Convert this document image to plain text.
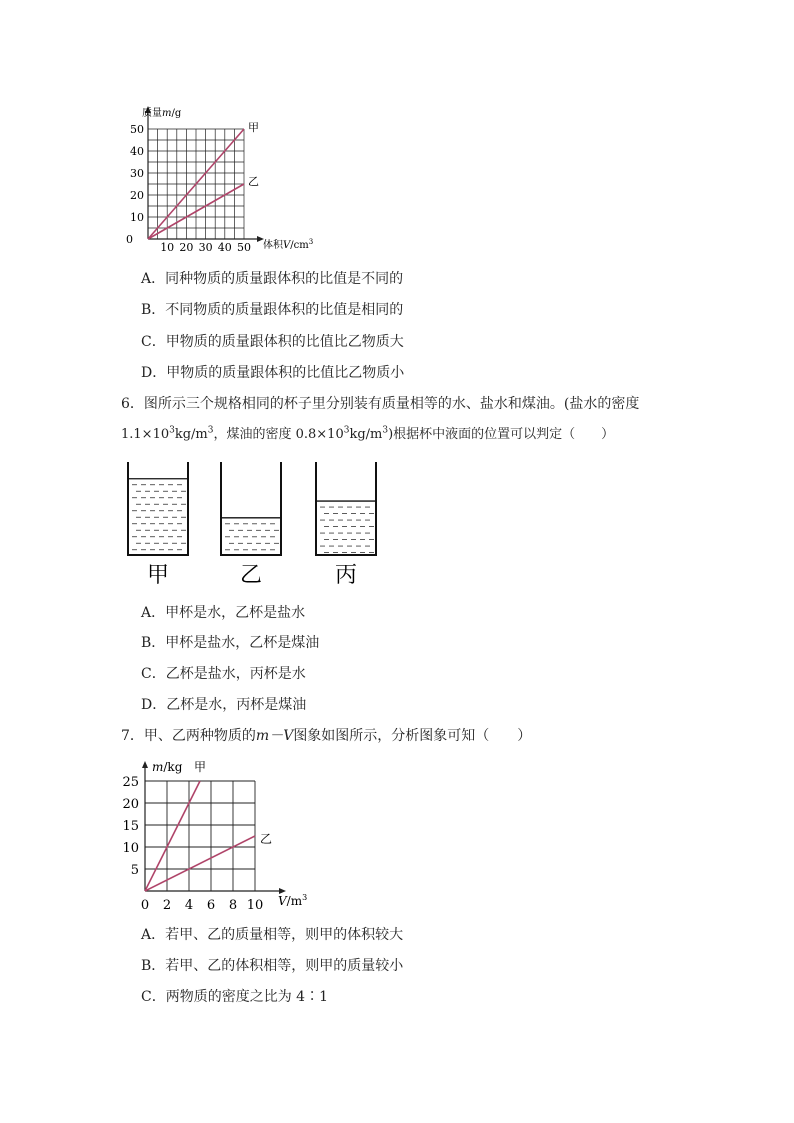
0
10
20
30
40
50
10 20 30 40 50
质量m/g
体积$V/cm^3$
甲
乙
A．同种物质的质量跟体积的比值是不同的
B．不同物质的质量跟体积的比值是相同的
C．甲物质的质量跟体积的比值比乙物质大
D．甲物质的质量跟体积的比值比乙物质小
6．图所示三个规格相同的杯子里分别装有质量相等的水、盐水和煤油。(盐水的密度
$1.1\times 10^3kg/m^3$，煤油的密度 $0.8\times 10^3kg/m^3$)根据杯中液面的位置可以判定（　　）
甲	乙	丙
A．甲杯是水，乙杯是盐水
B．甲杯是盐水，乙杯是煤油
C．乙杯是盐水，丙杯是水
D．乙杯是水，丙杯是煤油
7．甲、乙两种物质的m－V图象如图所示，分析图象可知（　　）
5
10
15
20
25
0 2 4 6 8 10
m/kg
$V/m^3$
甲
乙
A．若甲、乙的质量相等，则甲的体积较大
B．若甲、乙的体积相等，则甲的质量较小
C．两物质的密度之比为 4∶1
